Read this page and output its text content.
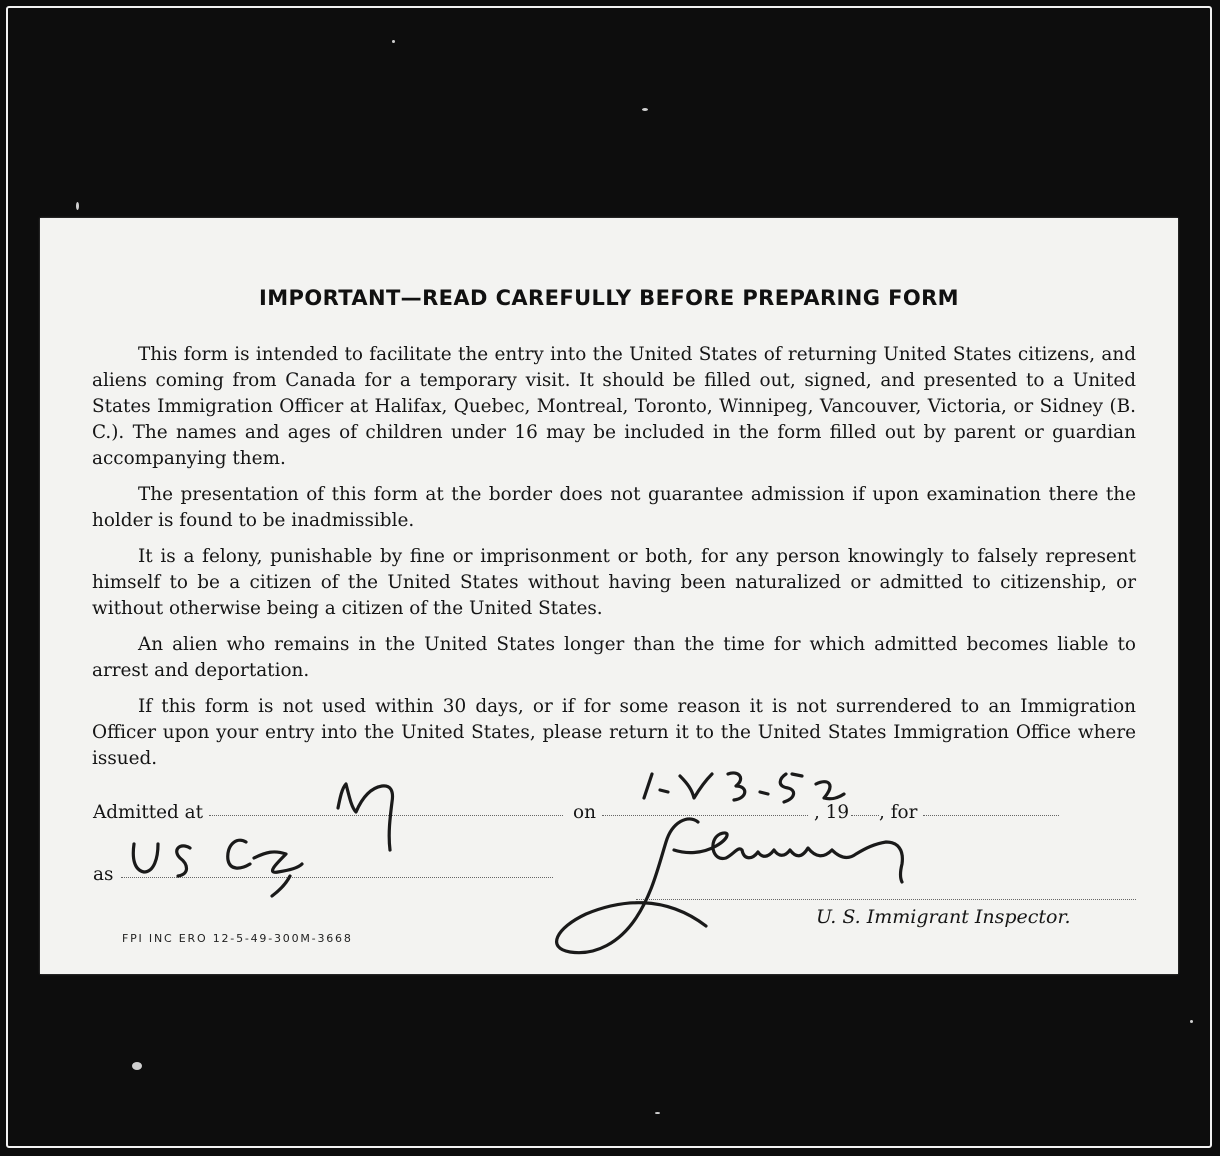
IMPORTANT—READ CAREFULLY BEFORE PREPARING FORM

This form is intended to facilitate the entry into the United States of returning United States citizens, and aliens coming from Canada for a temporary visit. It should be filled out, signed, and presented to a United States Immigration Officer at Halifax, Quebec, Montreal, Toronto, Winnipeg, Vancouver, Victoria, or Sidney (B. C.). The names and ages of children under 16 may be included in the form filled out by parent or guardian accompanying them.

The presentation of this form at the border does not guarantee admission if upon examination there the holder is found to be inadmissible.

It is a felony, punishable by fine or imprisonment or both, for any person knowingly to falsely represent himself to be a citizen of the United States without having been naturalized or admitted to citizenship, or without otherwise being a citizen of the United States.

An alien who remains in the United States longer than the time for which admitted becomes liable to arrest and deportation.

If this form is not used within 30 days, or if for some reason it is not surrendered to an Immigration Officer upon your entry into the United States, please return it to the United States Immigration Office where issued.

Admitted at	on	, 19 , for
as
U. S. Immigrant Inspector.
FPI INC ERO 12-5-49-300M-3668
